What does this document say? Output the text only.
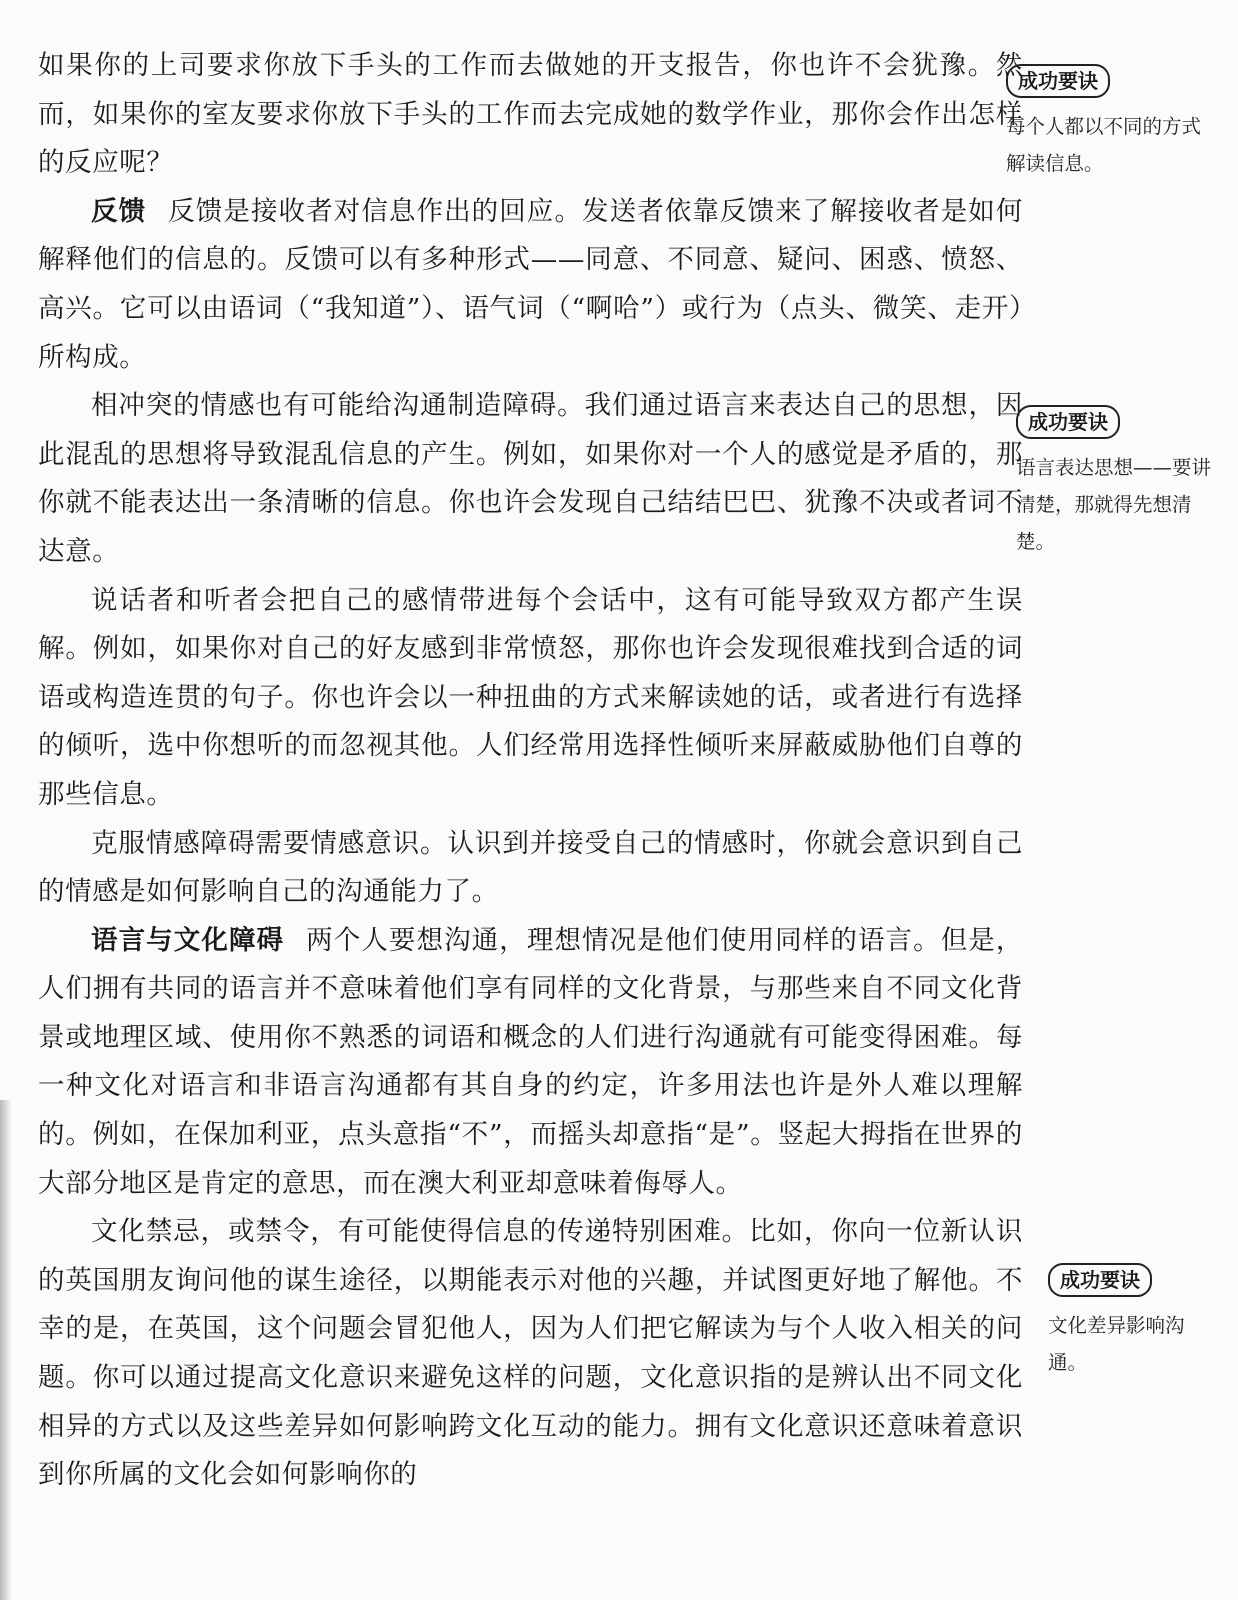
如果你的上司要求你放下手头的工作而去做她的开支报告，你也许不会犹豫。然而，如果你的室友要求你放下手头的工作而去完成她的数学作业，那你会作出怎样的反应呢？

反馈 反馈是接收者对信息作出的回应。发送者依靠反馈来了解接收者是如何解释他们的信息的。反馈可以有多种形式——同意、不同意、疑问、困惑、愤怒、高兴。它可以由语词（“我知道”）、语气词（“啊哈”）或行为（点头、微笑、走开）所构成。

相冲突的情感也有可能给沟通制造障碍。我们通过语言来表达自己的思想，因此混乱的思想将导致混乱信息的产生。例如，如果你对一个人的感觉是矛盾的，那你就不能表达出一条清晰的信息。你也许会发现自己结结巴巴、犹豫不决或者词不达意。

说话者和听者会把自己的感情带进每个会话中，这有可能导致双方都产生误解。例如，如果你对自己的好友感到非常愤怒，那你也许会发现很难找到合适的词语或构造连贯的句子。你也许会以一种扭曲的方式来解读她的话，或者进行有选择的倾听，选中你想听的而忽视其他。人们经常用选择性倾听来屏蔽威胁他们自尊的那些信息。

克服情感障碍需要情感意识。认识到并接受自己的情感时，你就会意识到自己的情感是如何影响自己的沟通能力了。

语言与文化障碍 两个人要想沟通，理想情况是他们使用同样的语言。但是，人们拥有共同的语言并不意味着他们享有同样的文化背景，与那些来自不同文化背景或地理区域、使用你不熟悉的词语和概念的人们进行沟通就有可能变得困难。每一种文化对语言和非语言沟通都有其自身的约定，许多用法也许是外人难以理解的。例如，在保加利亚，点头意指“不”，而摇头却意指“是”。竖起大拇指在世界的大部分地区是肯定的意思，而在澳大利亚却意味着侮辱人。

文化禁忌，或禁令，有可能使得信息的传递特别困难。比如，你向一位新认识的英国朋友询问他的谋生途径，以期能表示对他的兴趣，并试图更好地了解他。不幸的是，在英国，这个问题会冒犯他人，因为人们把它解读为与个人收入相关的问题。你可以通过提高文化意识来避免这样的问题，文化意识指的是辨认出不同文化相异的方式以及这些差异如何影响跨文化互动的能力。拥有文化意识还意味着意识到你所属的文化会如何影响你的

成功要诀
每个人都以不同的方式解读信息。
成功要诀
语言表达思想——要讲清楚，那就得先想清楚。
成功要诀
文化差异影响沟通。
